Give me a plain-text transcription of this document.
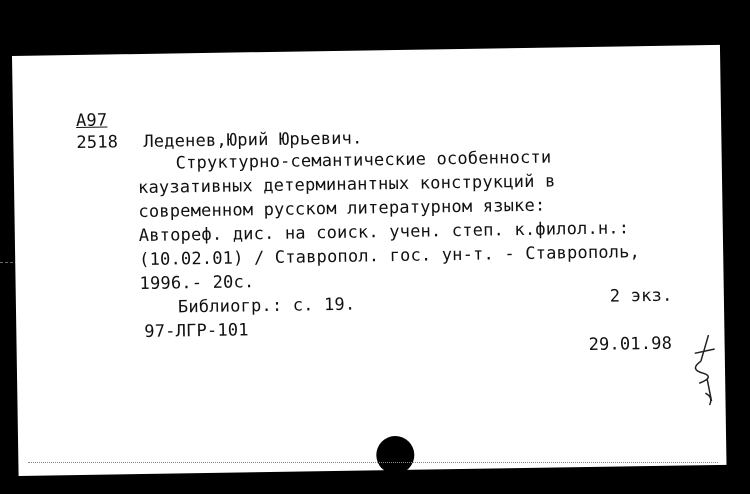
A97
2518 Леденев,Юрий Юрьевич.
Структурно-семантические особенности
каузативных детерминантных конструкций в
современном русском литературном языке:
Автореф. дис. на соиск. учен. степ. к.филол.н.:
(10.02.01) / Ставропол. гос. ун-т. - Ставрополь,
1996.- 20с.
Библиогр.: с. 19.
97-ЛГР-101
2 экз.
29.01.98
